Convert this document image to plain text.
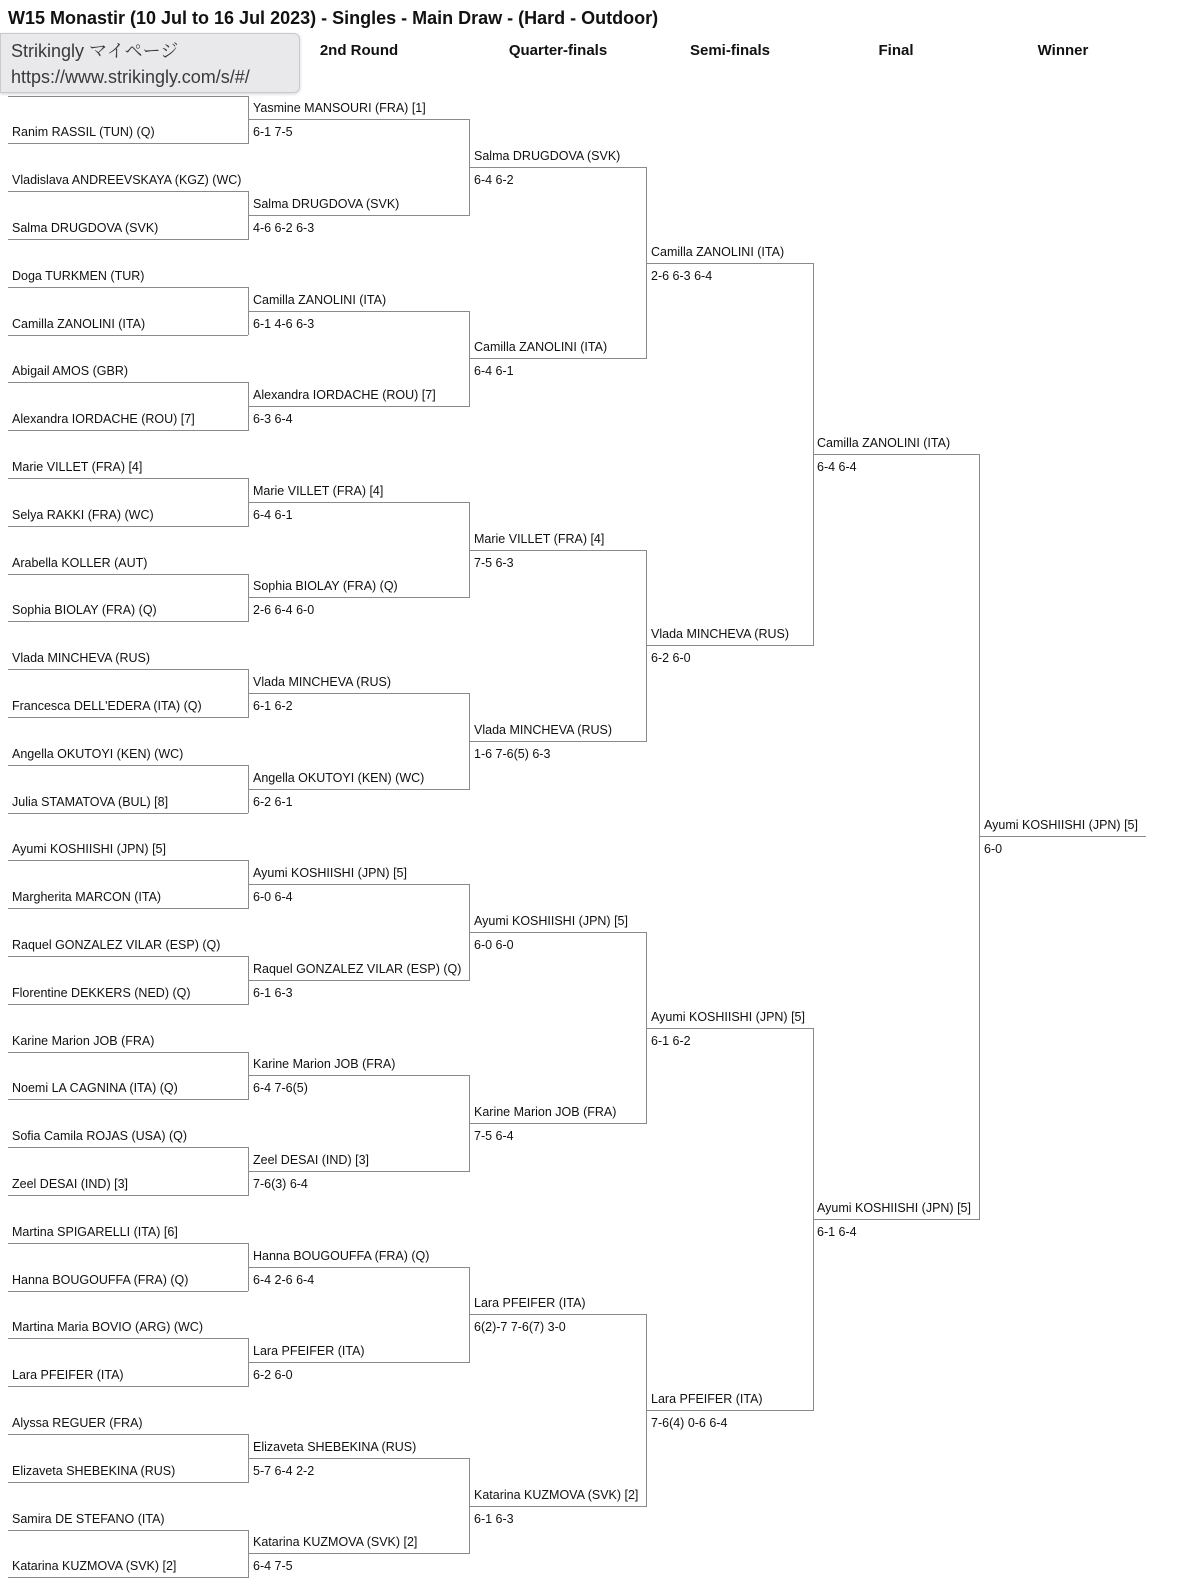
W15 Monastir (10 Jul to 16 Jul 2023) - Singles - Main Draw - (Hard - Outdoor)
2nd Round	Quarter-finals	Semi-finals	Final	Winner
Ranim RASSIL (TUN) (Q)
Vladislava ANDREEVSKAYA (KGZ) (WC)
Salma DRUGDOVA (SVK)
Doga TURKMEN (TUR)
Camilla ZANOLINI (ITA)
Abigail AMOS (GBR)
Alexandra IORDACHE (ROU) [7]
Marie VILLET (FRA) [4]
Selya RAKKI (FRA) (WC)
Arabella KOLLER (AUT)
Sophia BIOLAY (FRA) (Q)
Vlada MINCHEVA (RUS)
Francesca DELL'EDERA (ITA) (Q)
Angella OKUTOYI (KEN) (WC)
Julia STAMATOVA (BUL) [8]
Ayumi KOSHIISHI (JPN) [5]
Margherita MARCON (ITA)
Raquel GONZALEZ VILAR (ESP) (Q)
Florentine DEKKERS (NED) (Q)
Karine Marion JOB (FRA)
Noemi LA CAGNINA (ITA) (Q)
Sofia Camila ROJAS (USA) (Q)
Zeel DESAI (IND) [3]
Martina SPIGARELLI (ITA) [6]
Hanna BOUGOUFFA (FRA) (Q)
Martina Maria BOVIO (ARG) (WC)
Lara PFEIFER (ITA)
Alyssa REGUER (FRA)
Elizaveta SHEBEKINA (RUS)
Samira DE STEFANO (ITA)
Katarina KUZMOVA (SVK) [2]
Yasmine MANSOURI (FRA) [1]
6-1 7-5
Salma DRUGDOVA (SVK)
4-6 6-2 6-3
Camilla ZANOLINI (ITA)
6-1 4-6 6-3
Alexandra IORDACHE (ROU) [7]
6-3 6-4
Marie VILLET (FRA) [4]
6-4 6-1
Sophia BIOLAY (FRA) (Q)
2-6 6-4 6-0
Vlada MINCHEVA (RUS)
6-1 6-2
Angella OKUTOYI (KEN) (WC)
6-2 6-1
Ayumi KOSHIISHI (JPN) [5]
6-0 6-4
Raquel GONZALEZ VILAR (ESP) (Q)
6-1 6-3
Karine Marion JOB (FRA)
6-4 7-6(5)
Zeel DESAI (IND) [3]
7-6(3) 6-4
Hanna BOUGOUFFA (FRA) (Q)
6-4 2-6 6-4
Lara PFEIFER (ITA)
6-2 6-0
Elizaveta SHEBEKINA (RUS)
5-7 6-4 2-2
Katarina KUZMOVA (SVK) [2]
6-4 7-5
Salma DRUGDOVA (SVK)
6-4 6-2
Camilla ZANOLINI (ITA)
6-4 6-1
Marie VILLET (FRA) [4]
7-5 6-3
Vlada MINCHEVA (RUS)
1-6 7-6(5) 6-3
Ayumi KOSHIISHI (JPN) [5]
6-0 6-0
Karine Marion JOB (FRA)
7-5 6-4
Lara PFEIFER (ITA)
6(2)-7 7-6(7) 3-0
Katarina KUZMOVA (SVK) [2]
6-1 6-3
Camilla ZANOLINI (ITA)
2-6 6-3 6-4
Vlada MINCHEVA (RUS)
6-2 6-0
Ayumi KOSHIISHI (JPN) [5]
6-1 6-2
Lara PFEIFER (ITA)
7-6(4) 0-6 6-4
Camilla ZANOLINI (ITA)
6-4 6-4
Ayumi KOSHIISHI (JPN) [5]
6-1 6-4
Ayumi KOSHIISHI (JPN) [5]
6-0
Strikingly マイページ
https://www.strikingly.com/s/#/
